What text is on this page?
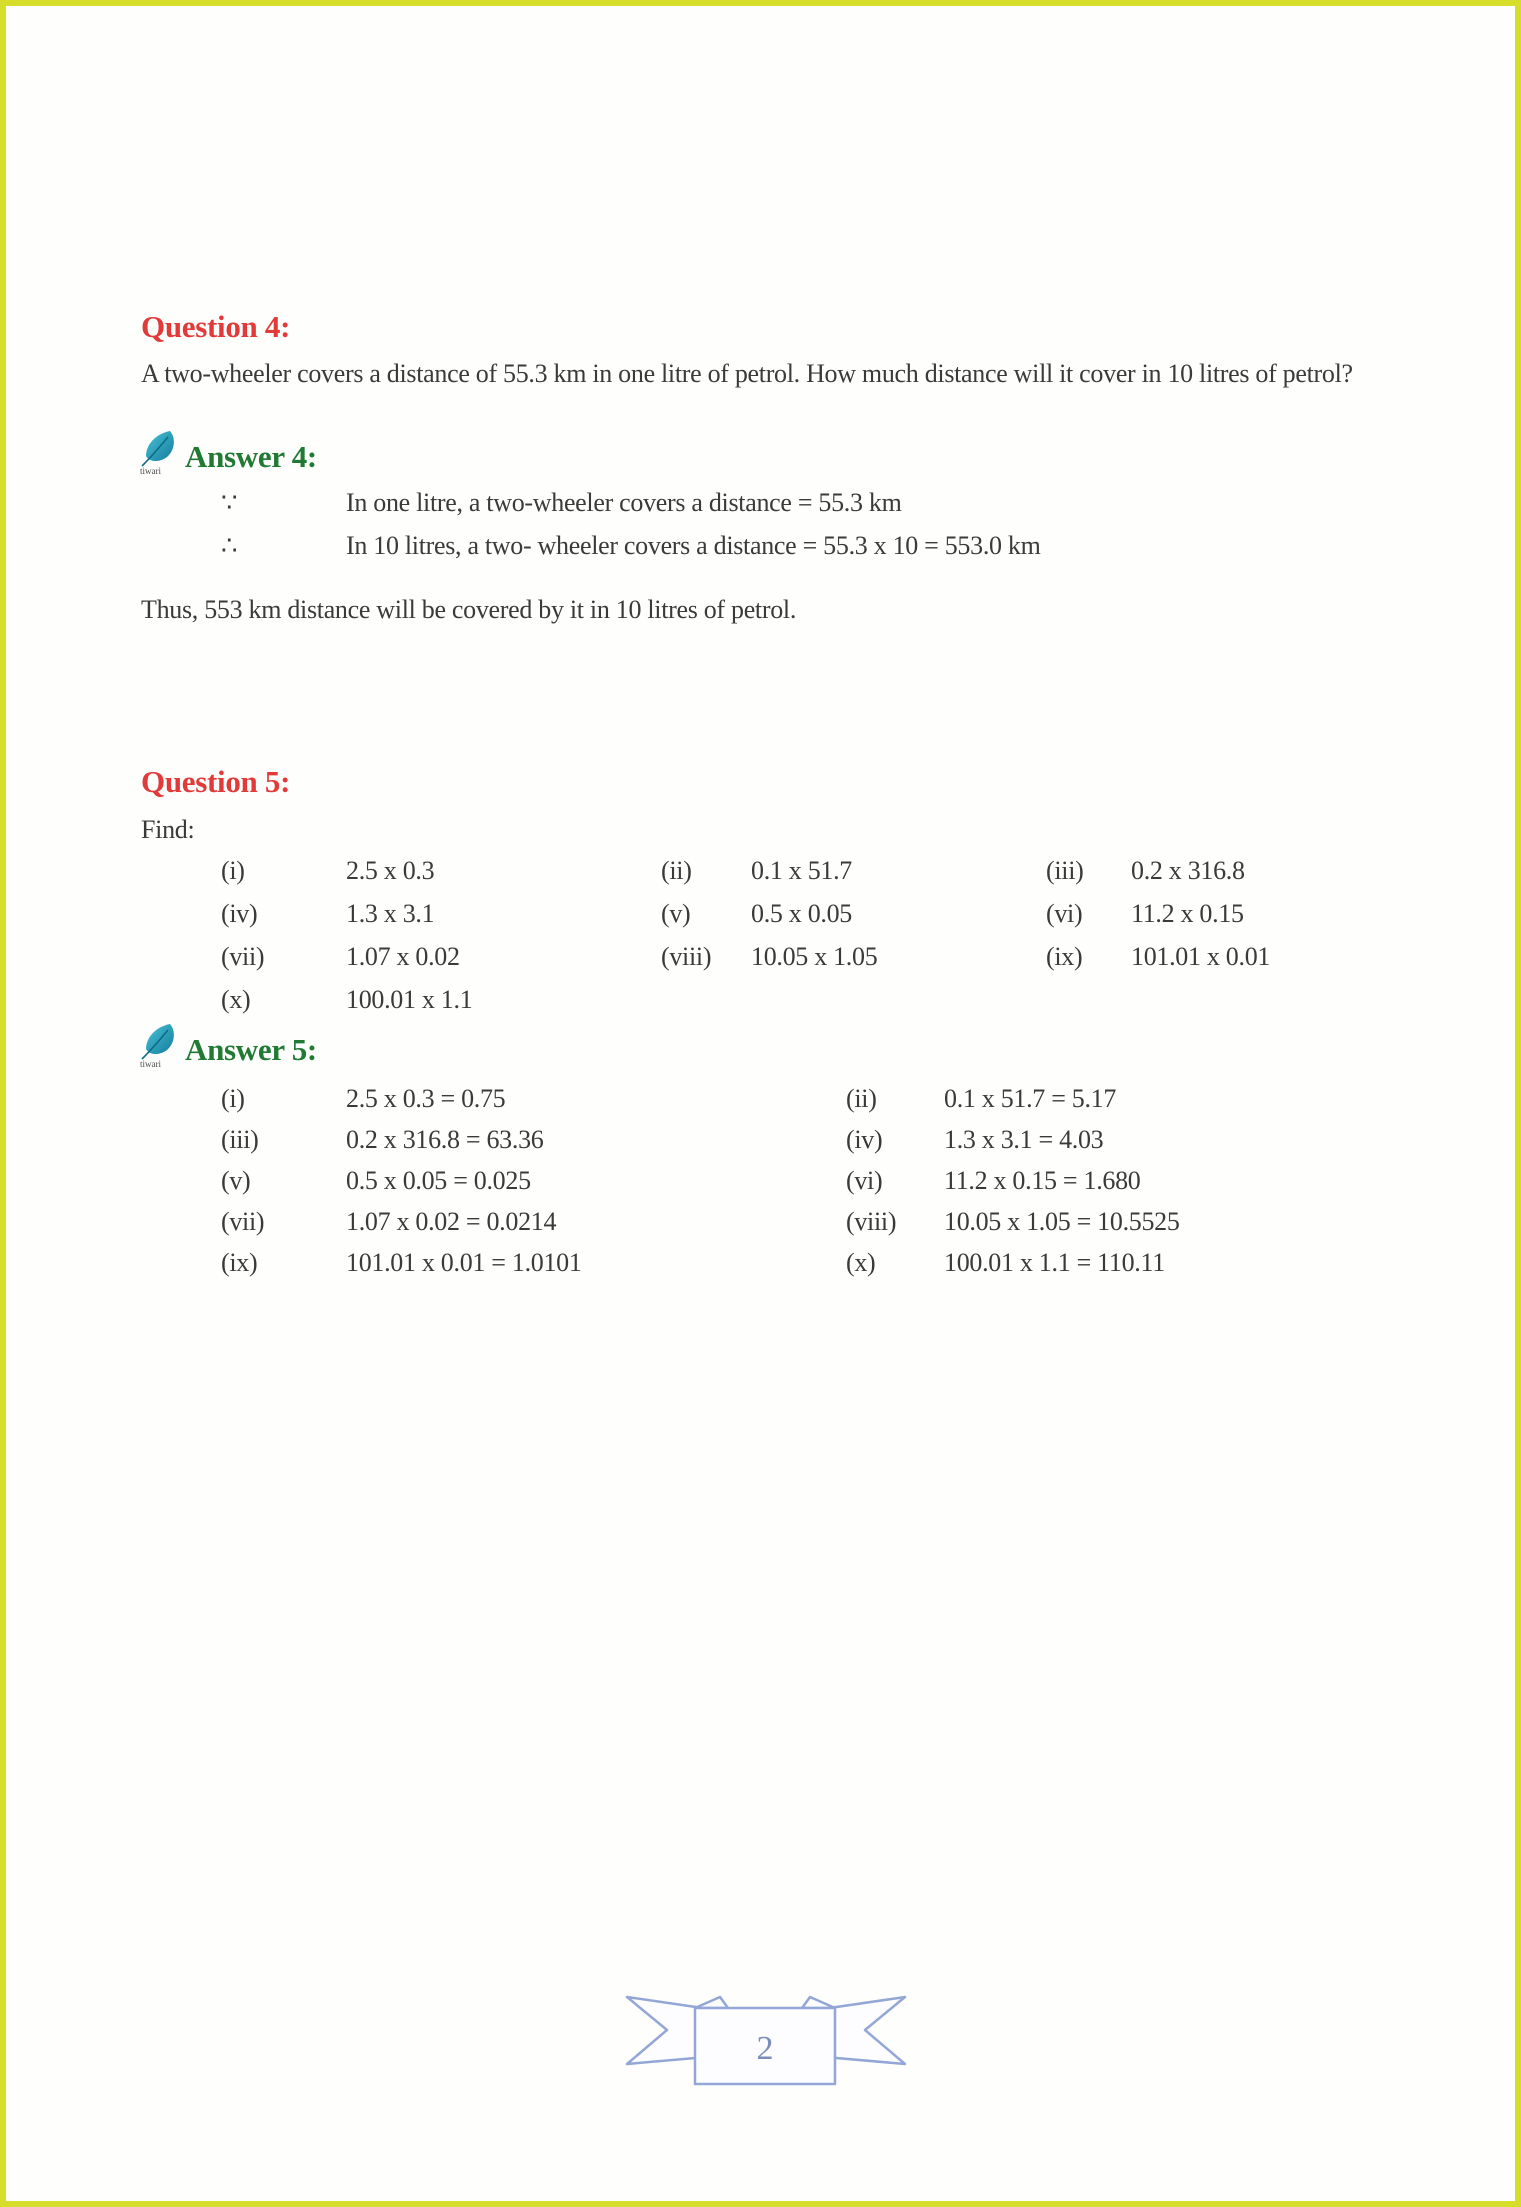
Question 4:

A two-wheeler covers a distance of 55.3 km in one litre of petrol. How much distance will it cover in 10 litres of petrol?

tiwari Answer 4:
∵	In one litre, a two-wheeler covers a distance = 55.3 km
∴	In 10 litres, a two- wheeler covers a distance = 55.3 x 10 = 553.0 km

Thus, 553 km distance will be covered by it in 10 litres of petrol.

Question 5:

Find:

(i)	2.5 x 0.3	(ii)	0.1 x 51.7	(iii)	0.2 x 316.8
(iv)	1.3 x 3.1	(v)	0.5 x 0.05	(vi)	11.2 x 0.15
(vii)	1.07 x 0.02	(viii)	10.05 x 1.05	(ix)	101.01 x 0.01
(x)	100.01 x 1.1
tiwari Answer 5:
(i)	2.5 x 0.3 = 0.75	(ii)	0.1 x 51.7 = 5.17
(iii)	0.2 x 316.8 = 63.36	(iv)	1.3 x 3.1 = 4.03
(v)	0.5 x 0.05 = 0.025	(vi)	11.2 x 0.15 = 1.680
(vii)	1.07 x 0.02 = 0.0214	(viii)	10.05 x 1.05 = 10.5525
(ix)	101.01 x 0.01 = 1.0101	(x)	100.01 x 1.1 = 110.11
2
